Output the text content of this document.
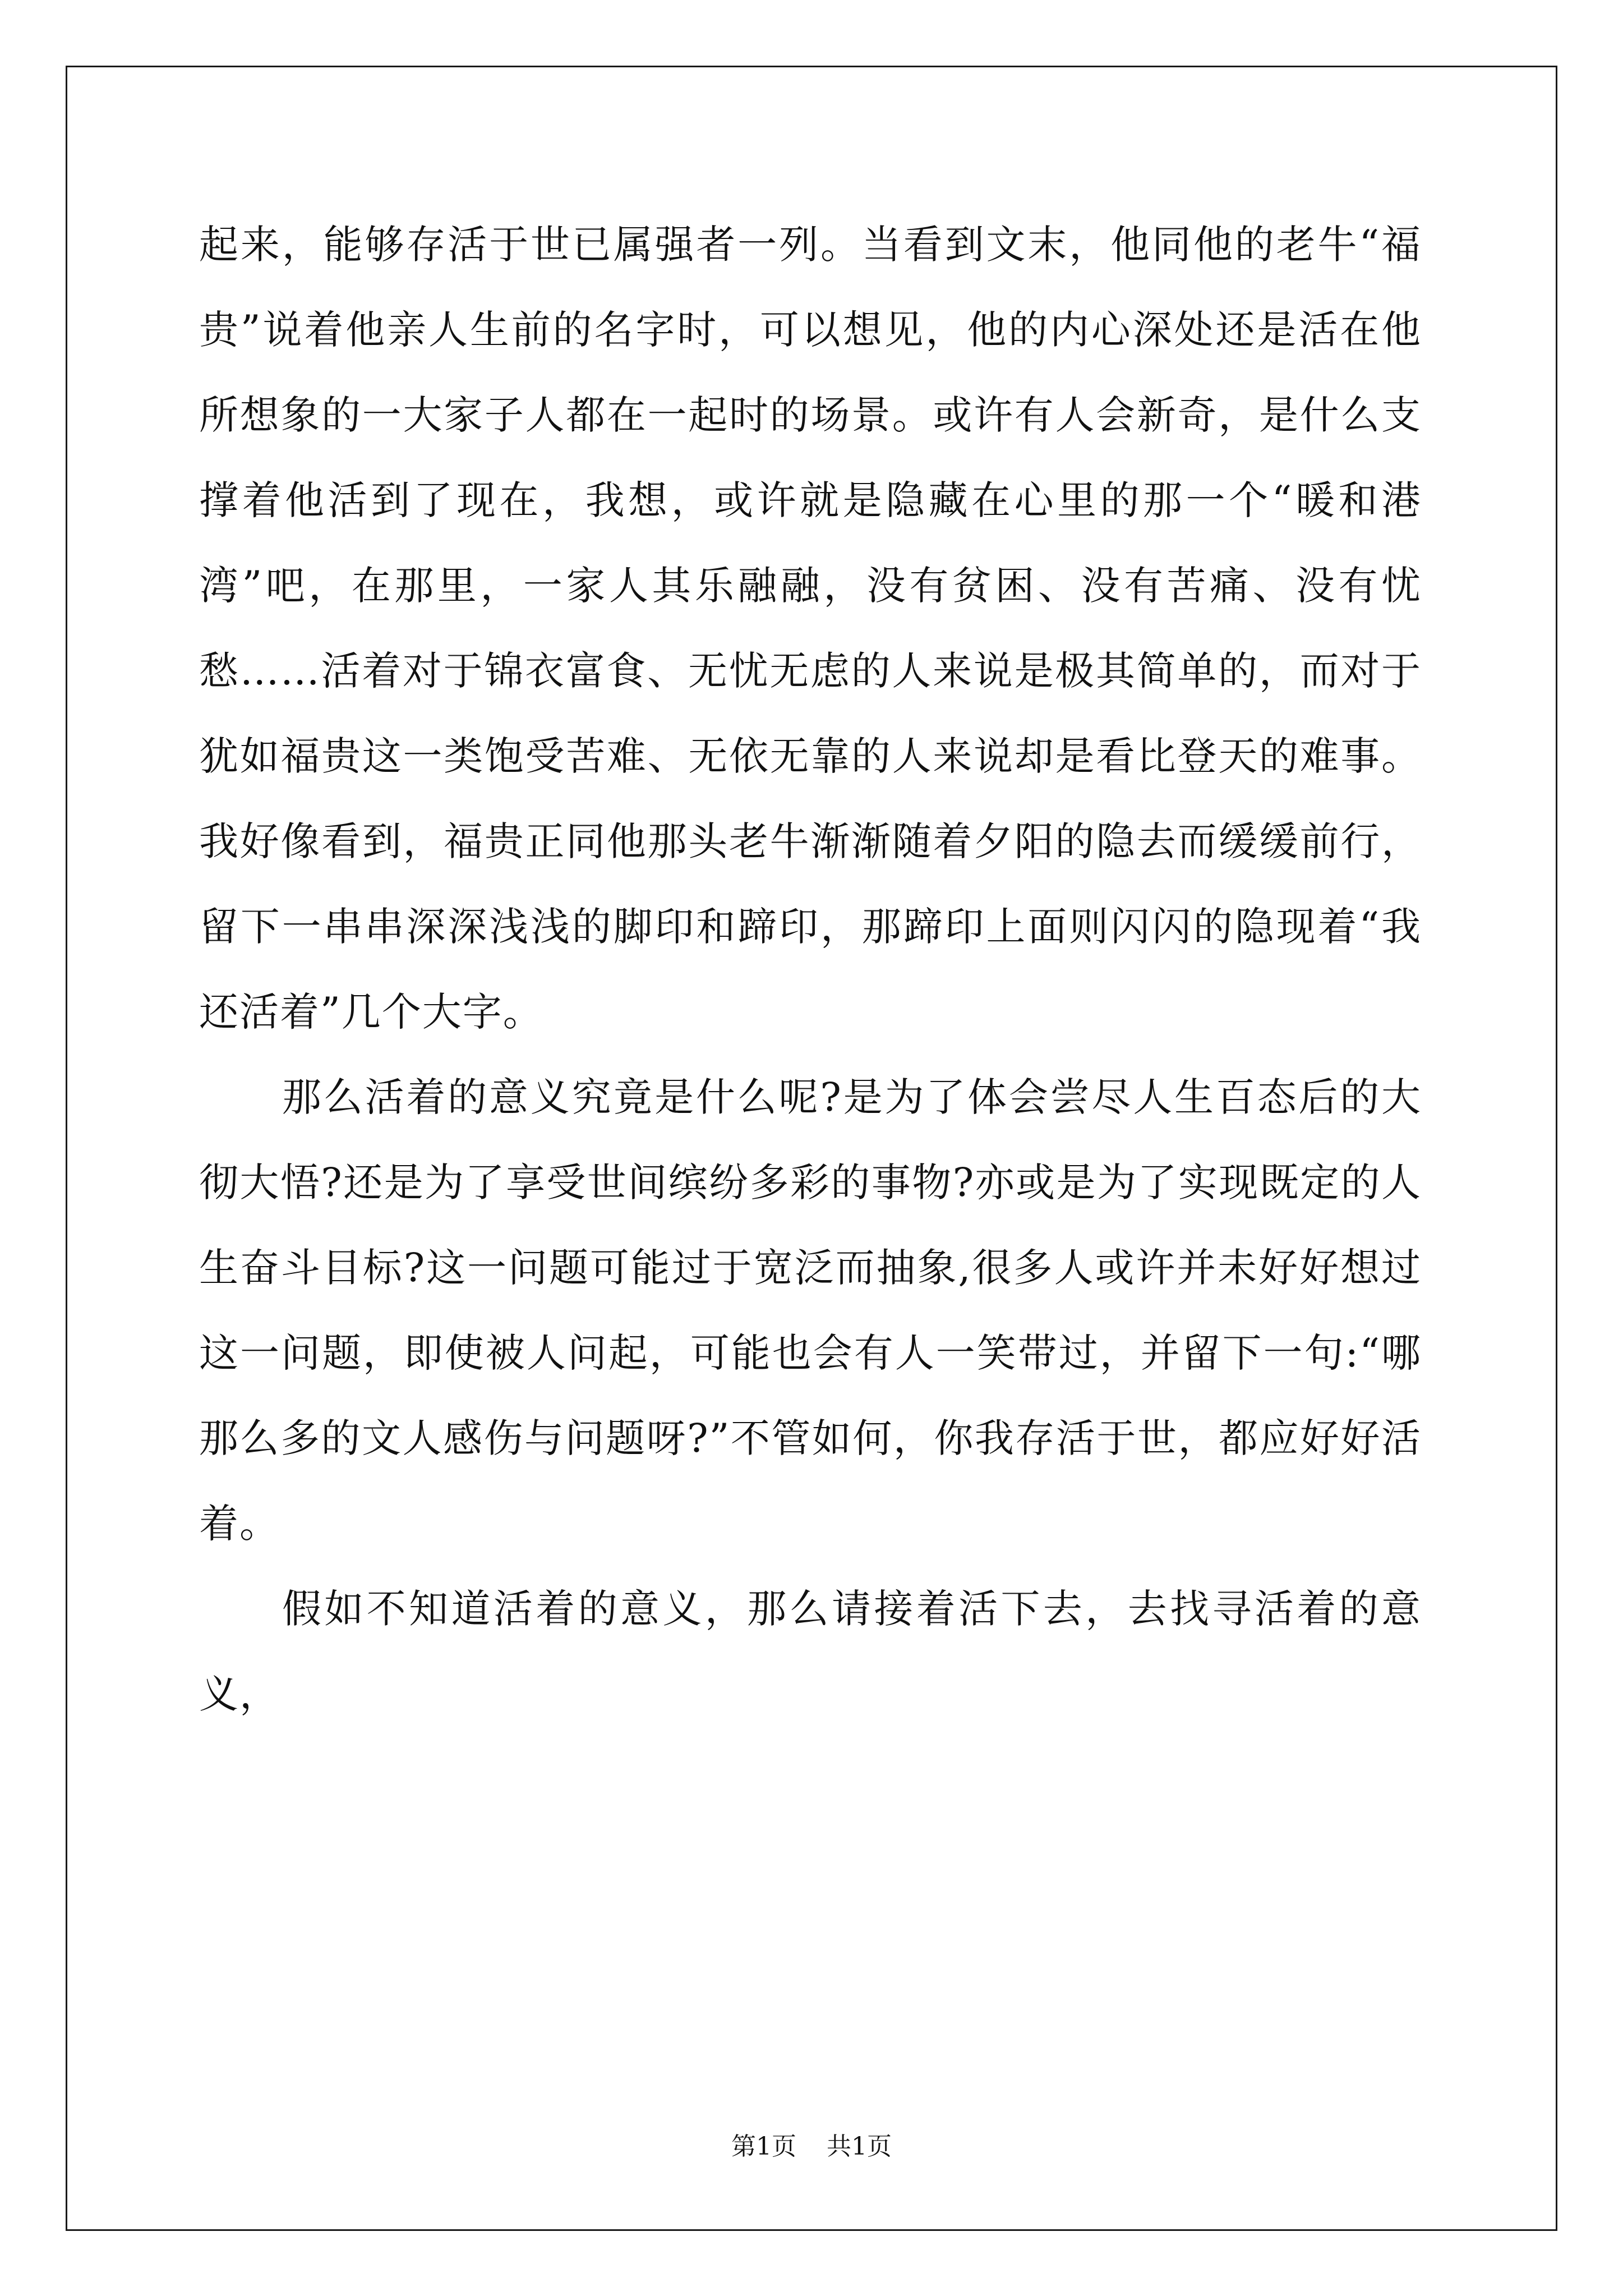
起来，能够存活于世已属强者一列。当看到文末，他同他的老牛“福贵”说着他亲人生前的名字时，可以想见，他的内心深处还是活在他所想象的一大家子人都在一起时的场景。或许有人会新奇，是什么支撑着他活到了现在，我想，或许就是隐藏在心里的那一个“暖和港湾”吧，在那里，一家人其乐融融，没有贫困、没有苦痛、没有忧愁……活着对于锦衣富食、无忧无虑的人来说是极其简单的，而对于犹如福贵这一类饱受苦难、无依无靠的人来说却是看比登天的难事。我好像看到，福贵正同他那头老牛渐渐随着夕阳的隐去而缓缓前行，留下一串串深深浅浅的脚印和蹄印，那蹄印上面则闪闪的隐现着“我还活着”几个大字。

那么活着的意义究竟是什么呢?是为了体会尝尽人生百态后的大彻大悟?还是为了享受世间缤纷多彩的事物?亦或是为了实现既定的人生奋斗目标?这一问题可能过于宽泛而抽象,很多人或许并未好好想过这一问题，即使被人问起，可能也会有人一笑带过，并留下一句:“哪那么多的文人感伤与问题呀?”不管如何，你我存活于世，都应好好活着。

假如不知道活着的意义，那么请接着活下去，去找寻活着的意义，

第1页 共1页
